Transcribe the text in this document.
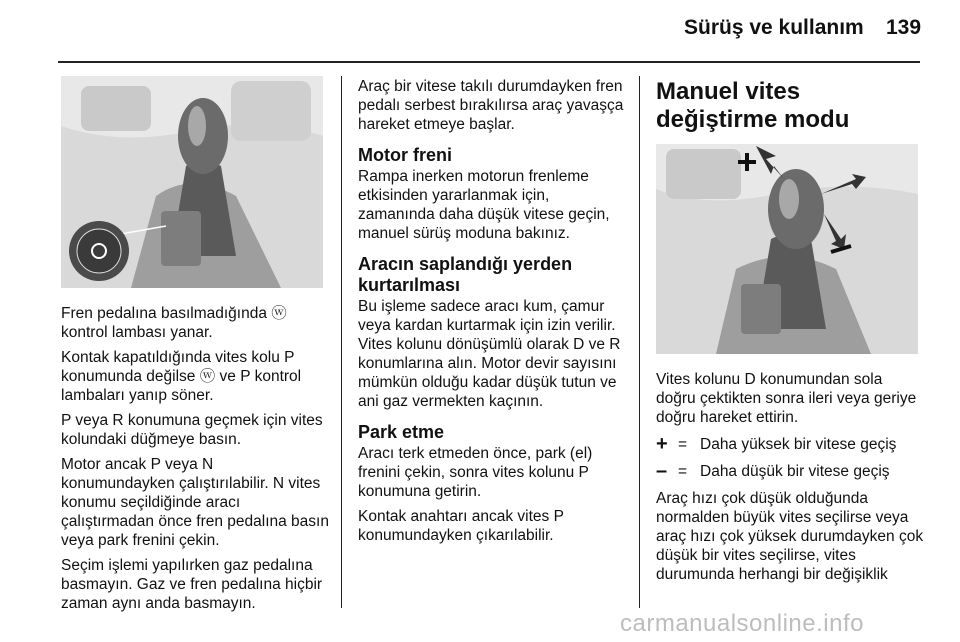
Sürüş ve kullanım 139

Fren pedalına basılmadığında ⓦ kontrol lambası yanar.

Kontak kapatıldığında vites kolu P konumunda değilse ⓦ ve P kontrol lambaları yanıp söner.

P veya R konumuna geçmek için vites kolundaki düğmeye basın.

Motor ancak P veya N konumundayken çalıştırılabilir. N vites konumu seçildiğinde aracı çalıştırmadan önce fren pedalına basın veya park frenini çekin.

Seçim işlemi yapılırken gaz pedalına basmayın. Gaz ve fren pedalına hiçbir zaman aynı anda basmayın.

Araç bir vitese takılı durumdayken fren pedalı serbest bırakılırsa araç yavaşça hareket etmeye başlar.

Motor freni

Rampa inerken motorun frenleme etkisinden yararlanmak için, zamanında daha düşük vitese geçin, manuel sürüş moduna bakınız.

Aracın saplandığı yerden kurtarılması

Bu işleme sadece aracı kum, çamur veya kardan kurtarmak için izin verilir. Vites kolunu dönüşümlü olarak D ve R konumlarına alın. Motor devir sayısını mümkün olduğu kadar düşük tutun ve ani gaz vermekten kaçının.

Park etme

Aracı terk etmeden önce, park (el) frenini çekin, sonra vites kolunu P konumuna getirin.

Kontak anahtarı ancak vites P konumundayken çıkarılabilir.

Manuel vites değiştirme modu

Vites kolunu D konumundan sola doğru çektikten sonra ileri veya geriye doğru hareket ettirin.

+ = Daha yüksek bir vitese geçiş
– = Daha düşük bir vitese geçiş

Araç hızı çok düşük olduğunda normalden büyük vites seçilirse veya araç hızı çok yüksek durumdayken çok düşük bir vites seçilirse, vites durumunda herhangi bir değişiklik

carmanualsonline.info
